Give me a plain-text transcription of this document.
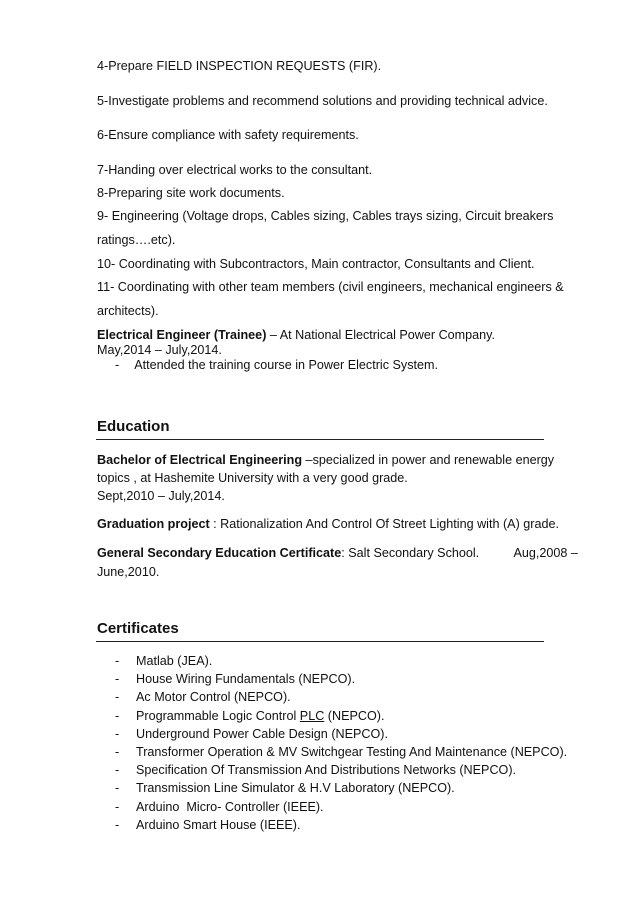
4-Prepare FIELD INSPECTION REQUESTS (FIR).
5-Investigate problems and recommend solutions and providing technical advice.
6-Ensure compliance with safety requirements.
7-Handing over electrical works to the consultant.
8-Preparing site work documents.
9- Engineering (Voltage drops, Cables sizing, Cables trays sizing, Circuit breakers
ratings….etc).
10- Coordinating with Subcontractors, Main contractor, Consultants and Client.
11- Coordinating with other team members (civil engineers, mechanical engineers &
architects).
Electrical Engineer (Trainee) – At National Electrical Power Company.
May,2014 – July,2014.
- Attended the training course in Power Electric System.
Education
Bachelor of Electrical Engineering –specialized in power and renewable energy
topics , at Hashemite University with a very good grade.
Sept,2010 – July,2014.
Graduation project : Rationalization And Control Of Street Lighting with (A) grade.
General Secondary Education Certificate: Salt Secondary School.          Aug,2008 –
June,2010.
Certificates
- Matlab (JEA).
- House Wiring Fundamentals (NEPCO).
- Ac Motor Control (NEPCO).
- Programmable Logic Control PLC (NEPCO).
- Underground Power Cable Design (NEPCO).
- Transformer Operation & MV Switchgear Testing And Maintenance (NEPCO).
- Specification Of Transmission And Distributions Networks (NEPCO).
- Transmission Line Simulator & H.V Laboratory (NEPCO).
- Arduino  Micro- Controller (IEEE).
- Arduino Smart House (IEEE).
